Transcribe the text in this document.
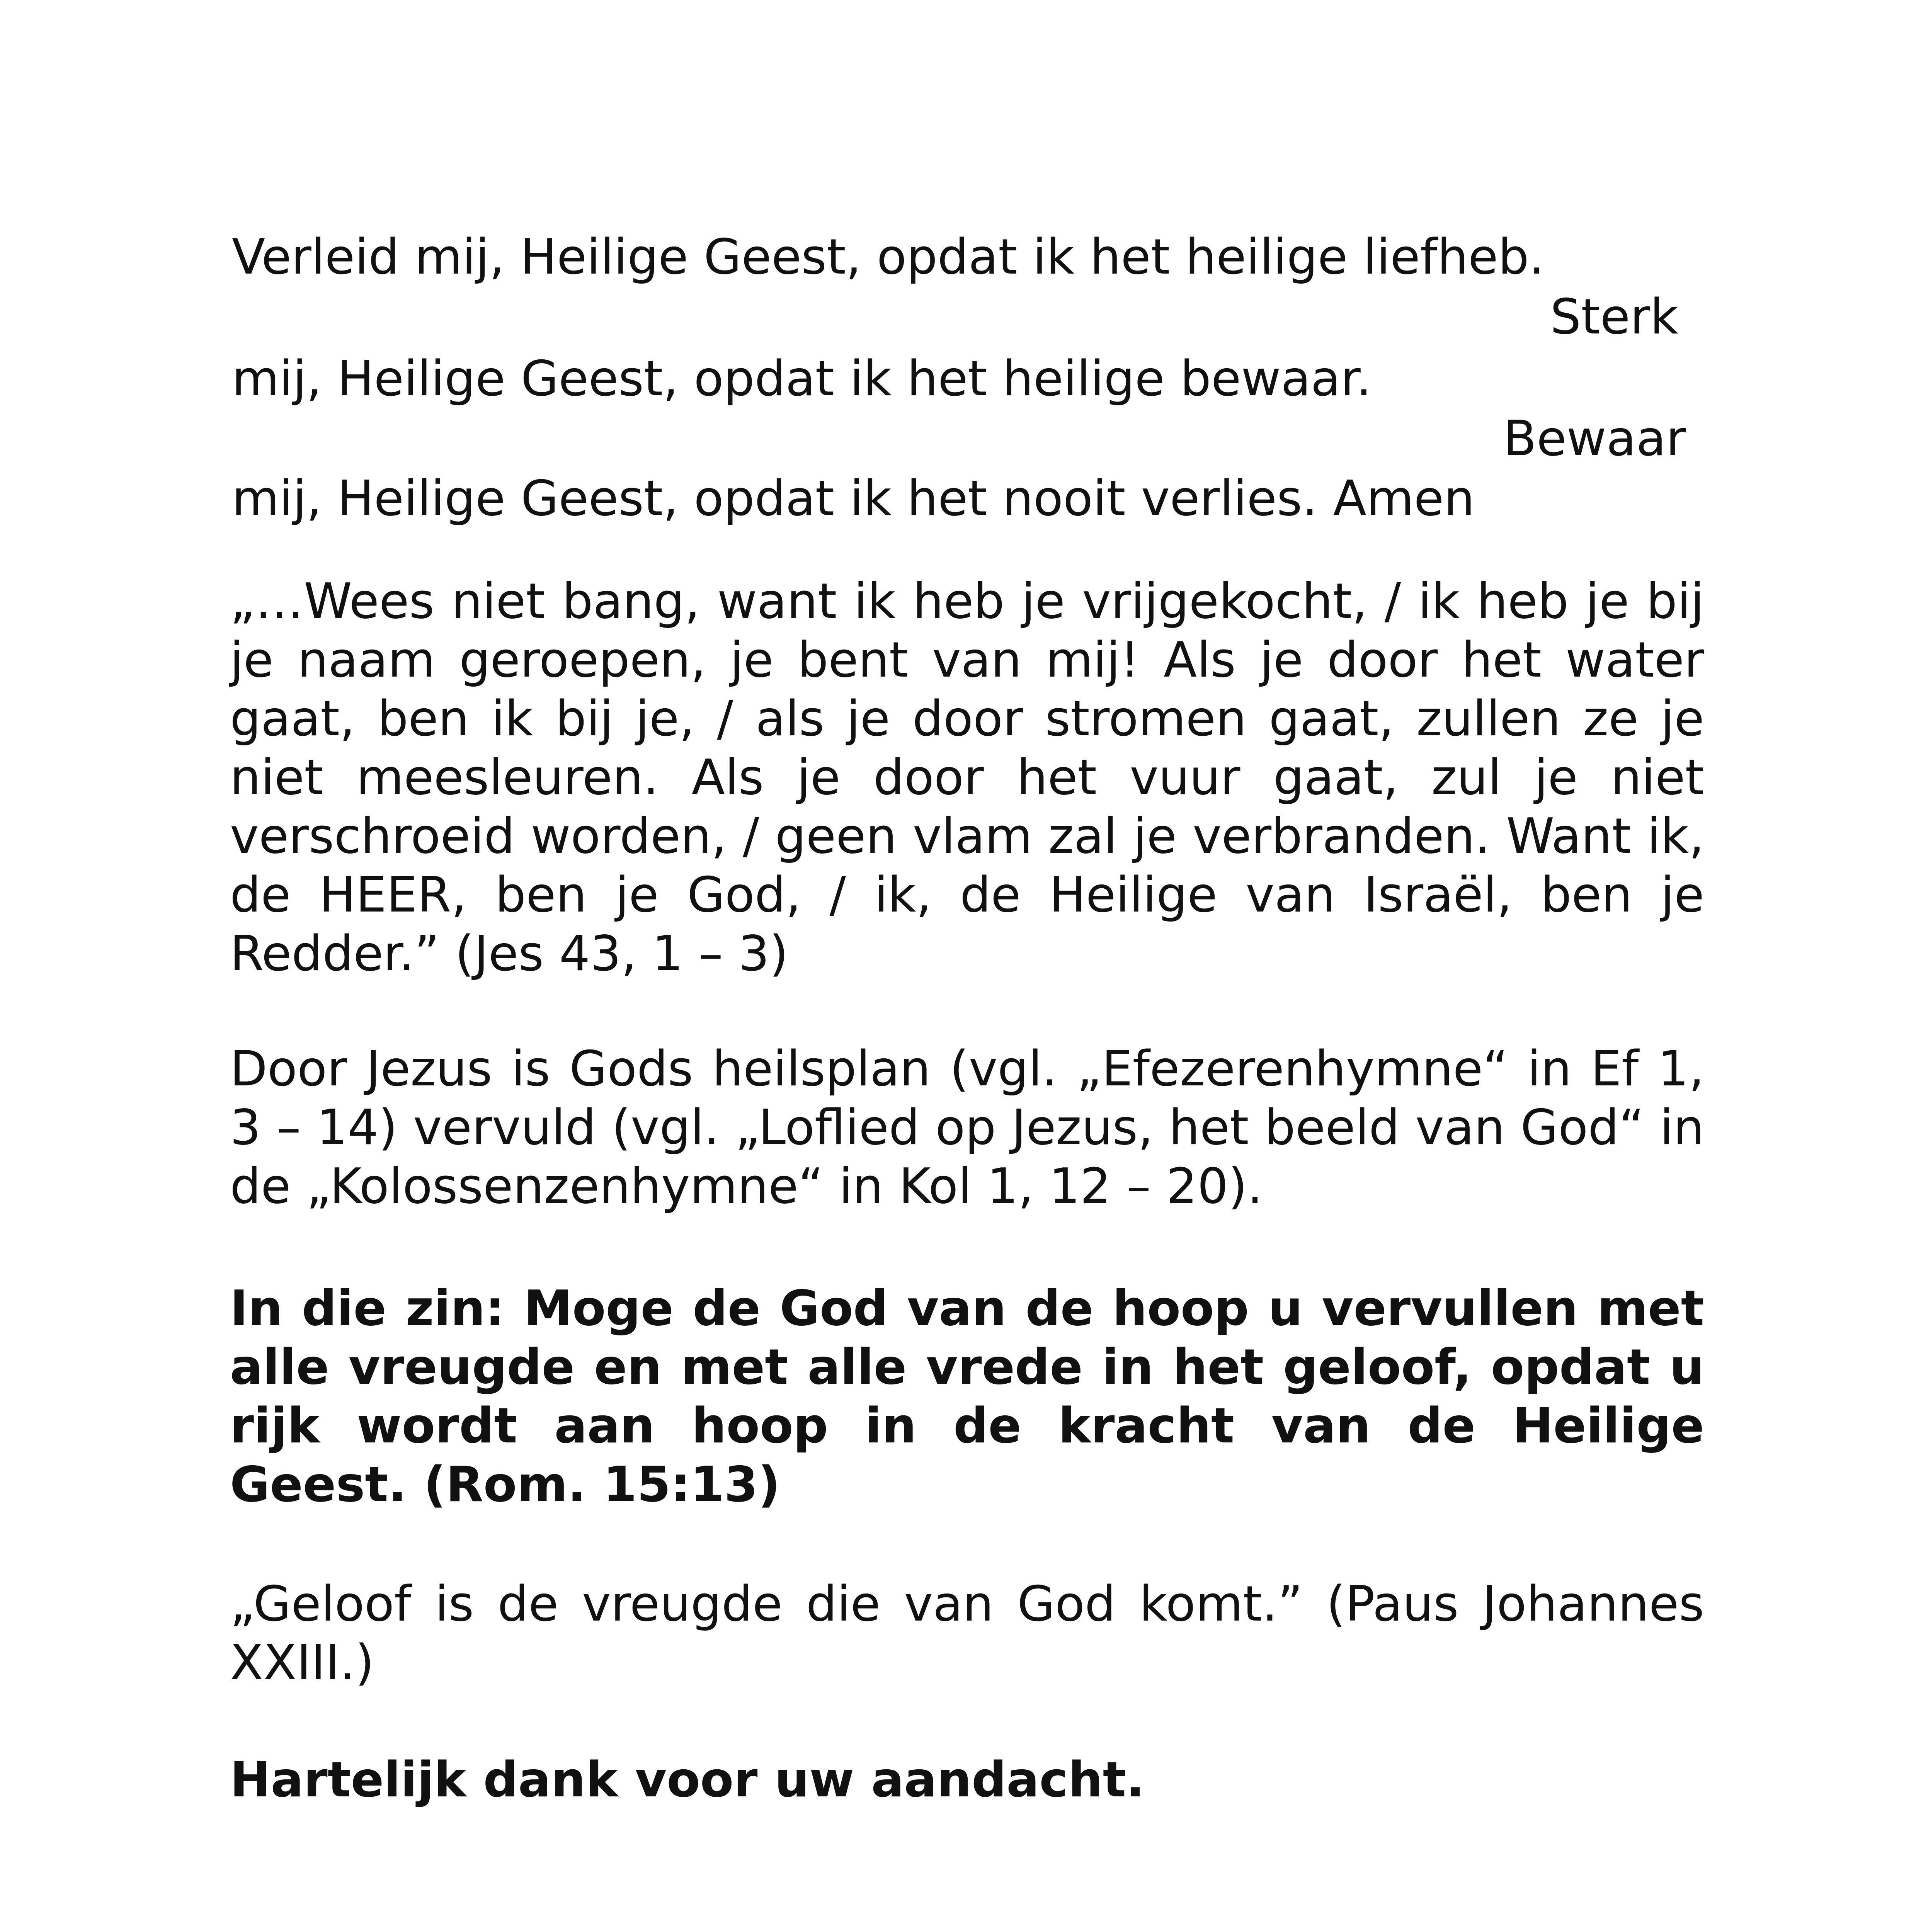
Verleid mij, Heilige Geest, opdat ik het heilige liefheb.
Sterk
mij, Heilige Geest, opdat ik het heilige bewaar.
Bewaar
mij, Heilige Geest, opdat ik het nooit verlies. Amen

„…Wees niet bang, want ik heb je vrijgekocht, / ik heb je bij je naam geroepen, je bent van mij! Als je door het water gaat, ben ik bij je, / als je door stromen gaat, zullen ze je niet meesleuren. Als je door het vuur gaat, zul je niet verschroeid worden, / geen vlam zal je verbranden. Want ik, de HEER, ben je God, / ik, de Heilige van Israël, ben je Redder.” (Jes 43, 1 – 3)

Door Jezus is Gods heilsplan (vgl. „Efezerenhymne“ in Ef 1, 3 – 14) vervuld (vgl. „Loflied op Jezus, het beeld van God“ in de „Kolossenzenhymne“ in Kol 1, 12 – 20).

In die zin: Moge de God van de hoop u vervullen met alle vreugde en met alle vrede in het geloof, opdat u rijk wordt aan hoop in de kracht van de Heilige Geest. (Rom. 15:13)

„Geloof is de vreugde die van God komt.” (Paus Johannes XXIII.)

Hartelijk dank voor uw aandacht.
